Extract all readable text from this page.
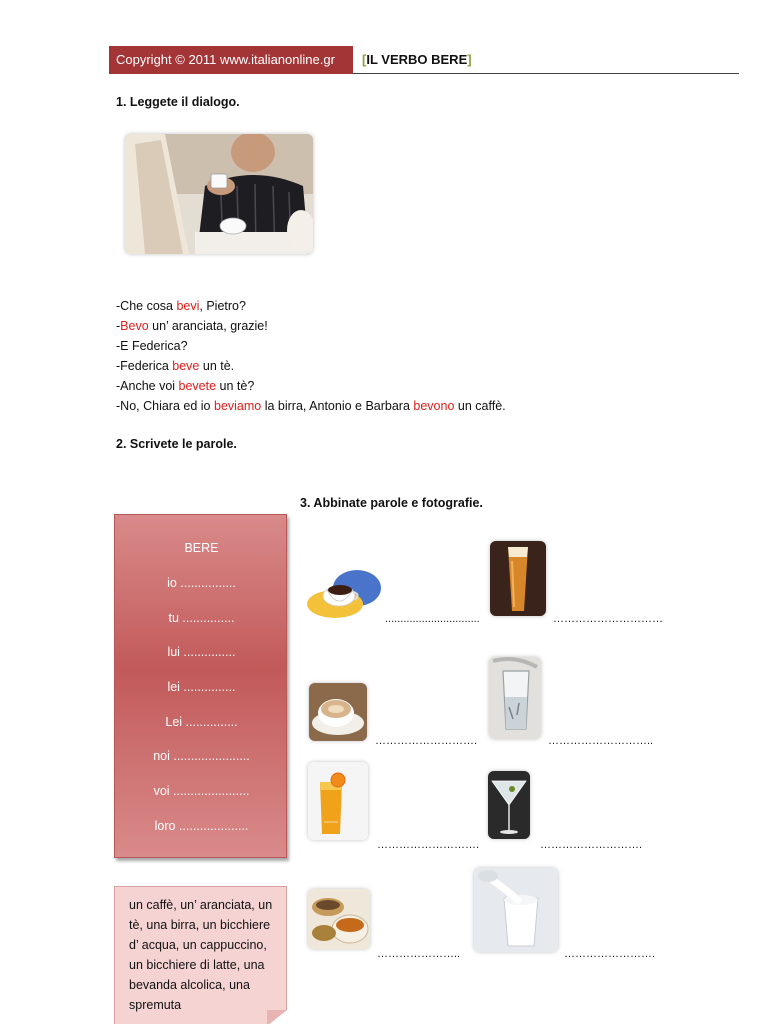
Copyright © 2011 www.italianonline.gr	[IL VERBO BERE]
1. Leggete il dialogo.
-Che cosa bevi, Pietro?
-Bevo un’ aranciata, grazie!
-E Federica?
-Federica beve un tè.
-Anche voi bevete un tè?
-No, Chiara ed io beviamo la birra, Antonio e Barbara bevono un caffè.
2. Scrivete le parole.
3. Abbinate parole e fotografie.
BERE
io ................
tu ...............
lui ...............
lei ...............
Lei ...............
noi ......................
voi ......................
loro ....................

un caffè, un’ aranciata, un tè, una birra, un bicchiere d’ acqua, un cappuccino, un bicchiere di latte, una bevanda alcolica, una spremuta

...............................	…………………………
……………………….	………………………..
……………………….	……………………….
…………………..	…………………….
